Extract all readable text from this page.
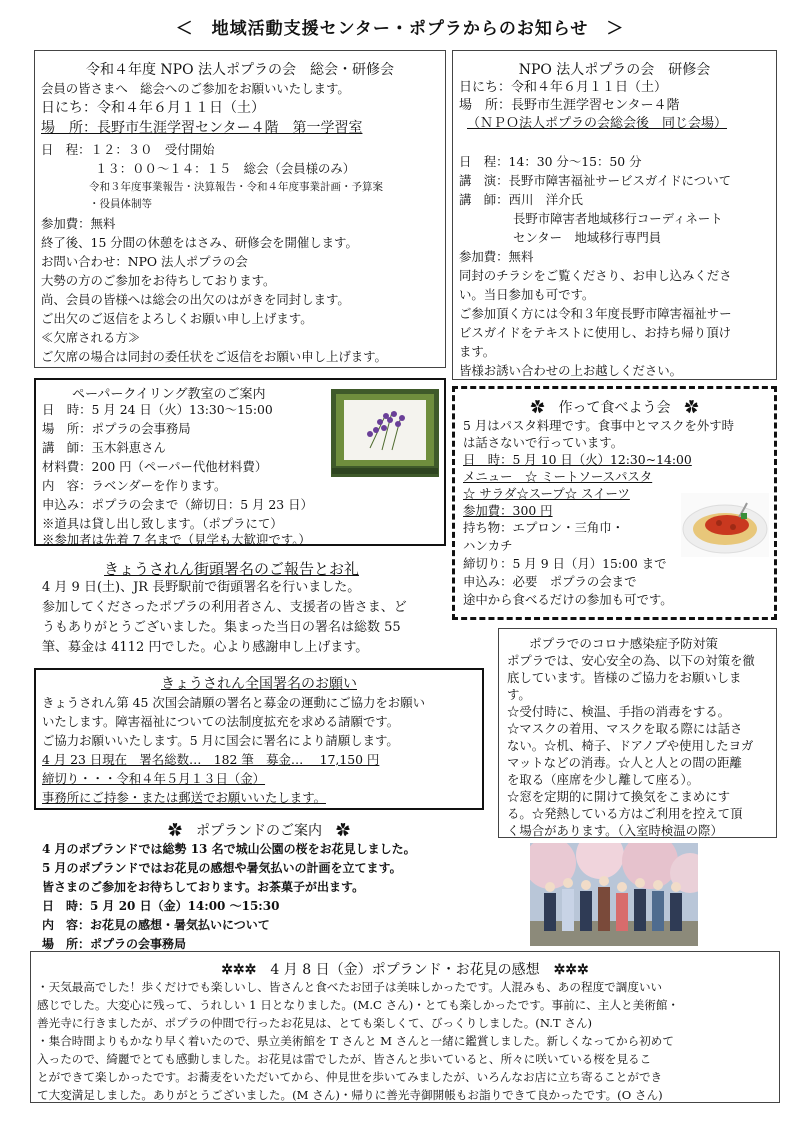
＜　地域活動支援センター・ポプラからのお知らせ　＞
令和４年度 NPO 法人ポプラの会　総会・研修会
会員の皆さまへ　総会へのご参加をお願いいたします。
日にち：令和４年６月１１日（土）
場　所：長野市生涯学習センター４階　第一学習室
日　程：１２：３０　受付開始
１３：００～１４：１５　総会（会員様のみ）
令和３年度事業報告・決算報告・令和４年度事業計画・予算案
・役員体制等
参加費：無料
終了後、15 分間の休憩をはさみ、研修会を開催します。
お問い合わせ：NPO 法人ポプラの会
大勢の方のご参加をお待ちしております。
尚、会員の皆様へは総会の出欠のはがきを同封します。
ご出欠のご返信をよろしくお願い申し上げます。
≪欠席される方≫
ご欠席の場合は同封の委任状をご返信をお願い申し上げます。
NPO 法人ポプラの会　研修会
日にち：令和４年６月１１日（土）
場　所：長野市生涯学習センター４階
（ＮＰＯ法人ポプラの会総会後　同じ会場）
日　程：14：30 分～15：50 分
講　演：長野市障害福祉サービスガイドについて
講　師：西川　洋介氏
長野市障害者地域移行コーディネート
センター　地域移行専門員
参加費：無料
同封のチラシをご覧くださり、お申し込みくださ
い。当日参加も可です。
ご参加頂く方には令和３年度長野市障害福祉サー
ビスガイドをテキストに使用し、お持ち帰り頂け
ます。
皆様お誘い合わせの上お越しください。
ペーパークイリング教室のご案内
日　時：5 月 24 日（火）13:30～15:00
場　所：ポプラの会事務局
講　師：玉木斜恵さん
材料費：200 円（ペーパー代他材料費）
内　容：ラベンダーを作ります。
申込み：ポプラの会まで（締切日：5 月 23 日）
※道具は貸し出し致します。（ポプラにて）
※参加者は先着 7 名まで（見学も大歓迎です。）
✿　作って食べよう会　✿
5 月はパスタ料理です。食事中とマスクを外す時
は話さないで行っています。
日　時：5 月 10 日（火）12:30~14:00
メニュー　☆ ミートソースパスタ
☆ サラダ☆スープ☆ スイーツ
参加費：300 円
持ち物：エプロン・三角巾・
ハンカチ
締切り：5 月 9 日（月）15:00 まで
申込み：必要　ポプラの会まで
途中から食べるだけの参加も可です。
きょうされん街頭署名のご報告とお礼
4 月 9 日(土)、JR 長野駅前で街頭署名を行いました。
参加してくださったポプラの利用者さん、支援者の皆さま、ど
うもありがとうございました。集まった当日の署名は総数 55
筆、募金は 4112 円でした。心より感謝申し上げます。	ポプラでのコロナ感染症予防対策
ポプラでは、安心安全の為、以下の対策を徹
底しています。皆様のご協力をお願いしま
す。
☆受付時に、検温、手指の消毒をする。
☆マスクの着用、マスクを取る際には話さ
ない。☆机、椅子、ドアノブや使用したヨガ
マットなどの消毒。☆人と人との間の距離
を取る（座席を少し離して座る）。
☆窓を定期的に開けて換気をこまめにす
る。☆発熱している方はご利用を控えて頂
く場合があります。（入室時検温の際）
きょうされん全国署名のお願い
きょうされん第 45 次国会請願の署名と募金の運動にご協力をお願い
いたします。障害福祉についての法制度拡充を求める請願です。
ご協力お願いいたします。5 月に国会に署名により請願します。
4 月 23 日現在　署名総数…　182 筆　募金…　 17,150 円
締切り・・・令和４年５月１３日（金）
事務所にご持参・または郵送でお願いいたします。
✿　ポプランドのご案内　✿
4 月のポプランドでは総勢 13 名で城山公園の桜をお花見しました。
5 月のポプランドではお花見の感想や暑気払いの計画を立てます。
皆さまのご参加をお待ちしております。お茶菓子が出ます。
日　時：5 月 20 日（金）14:00 ～15:30
内　容：お花見の感想・暑気払いについて
場　所：ポプラの会事務局
✲✲✲　4 月 8 日（金）ポプランド・お花見の感想　✲✲✲
・天気最高でした！歩くだけでも楽しいし、皆さんと食べたお団子は美味しかったです。人混みも、あの程度で調度いい
感じでした。大変心に残って、うれしい 1 日となりました。(M.C さん)・とても楽しかったです。事前に、主人と美術館・
善光寺に行きましたが、ポプラの仲間で行ったお花見は、とても楽しくて、びっくりしました。(N.T さん)
・集合時間よりもかなり早く着いたので、県立美術館を T さんと M さんと一緒に鑑賞しました。新しくなってから初めて
入ったので、綺麗でとても感動しました。お花見は雷でしたが、皆さんと歩いていると、所々に咲いている桜を見るこ
とができて楽しかったです。お蕎麦をいただいてから、仲見世を歩いてみましたが、いろんなお店に立ち寄ることができ
て大変満足しました。ありがとうございました。(M さん)・帰りに善光寺御開帳もお詣りできて良かったです。(O さん)
